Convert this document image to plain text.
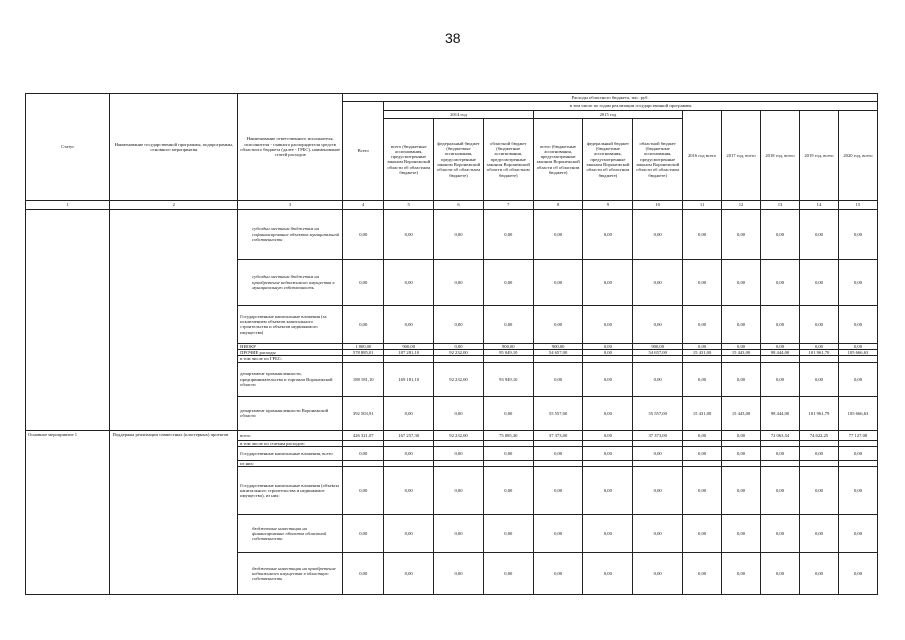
38
Статус	Наименование государственной программы, подпрограммы, основного мероприятия	Наименование ответственного исполнителя, исполнителя - главного распорядителя средств областного бюджета (далее - ГРБС), наименование статей расходов	Расходы областного бюджета, тыс. руб.											
			Всего	в том числе по годам реализации государственной программы										
				2014 год			2015 год			2016 год всего	2017 год, всего	2018 год, всего	2019 год, всего	2020 год, всего
				всего (бюджетные ассигнования, предусмотренные законом Воронежской области об областном бюджете)	федеральный бюджет (бюджетные ассигнования, предусмотренные законом Воронежской области об областном бюджете)	областной бюджет (бюджетные ассигнования, предусмотренные законом Воронежской области об областном бюджете)	всего (бюджетные ассигнования, предусмотренные законом Воронежской области об областном бюджете)	федеральный бюджет (бюджетные ассигнования, предусмотренные законом Воронежской области об областном бюджете)	областной бюджет (бюджетные ассигнования, предусмотренные законом Воронежской области об областном бюджете)					
1	2	3	4	5	6	7	8	9	10	11	12	13	14	15
		субсидии местным бюджетам на софинансирование объектов муниципальной собственности	0,00	0,00	0,00	0,00	0,00	0,00	0,00	0,00	0,00	0,00	0,00	0,00
		субсидии местным бюджетам на приобретение недвижимого имущества в муниципальную собственность	0,00	0,00	0,00	0,00	0,00	0,00	0,00	0,00	0,00	0,00	0,00	0,00
		Государственные капитальные вложения (за исключением объектов капитального строительства и объектов недвижимого имущества)	0,00	0,00	0,00	0,00	0,00	0,00	0,00	0,00	0,00	0,00	0,00	0,00
		НИОКР	1 800,00	900,00	0,00	900,00	900,00	0,00	900,00	0,00	0,00	0,00	0,00	0,00
		ПРОЧИЕ расходы	578 885,01	187 281,10	92 232,00	95 049,10	54 657,00	0,00	54 657,00	15 431,00	15 443,00	98 444,00	101 961,70	105 666,63
		в том числе по ГРБС:												
		департамент промышленности, предпринимательства и торговли Воронежской области	188 181,10	169 181,10	92 232,00	93 949,10	0,00	0,00	0,00	0,00	0,00	0,00	0,00	0,00
		департамент промышленности Воронежской области	392 503,91	0,00	0,00	0,00	55 557,00	0,00	55 557,00	15 431,00	15 443,00	98 444,00	101 961,79	105 666,63
Основное мероприятие 1	Поддержка реализации совместных (кластерных) проектов	всего	426 321,07	167 257,30	92 232,00	75 085,30	37 373,00	0,00	37 373,00	0,00	0,00	72 063,54	74 622,25	77 127,08
		в том числе по статьям расходов:												
		Государственные капитальные вложения, всего	0,00	0,00	0,00	0,00	0,00	0,00	0,00	0,00	0,00	0,00	0,00	0,00
		из них:												
		Государственные капитальные вложения (объекты капитального строительства и недвижимое имущество), из них:	0,00	0,00	0,00	0,00	0,00	0,00	0,00	0,00	0,00	0,00	0,00	0,00
		бюджетные инвестиции на финансирование объектов областной собственности	0,00	0,00	0,00	0,00	0,00	0,00	0,00	0,00	0,00	0,00	0,00	0,00
		бюджетные инвестиции на приобретение недвижимого имущества в областную собственность	0,00	0,00	0,00	0,00	0,00	0,00	0,00	0,00	0,00	0,00	0,00	0,00
